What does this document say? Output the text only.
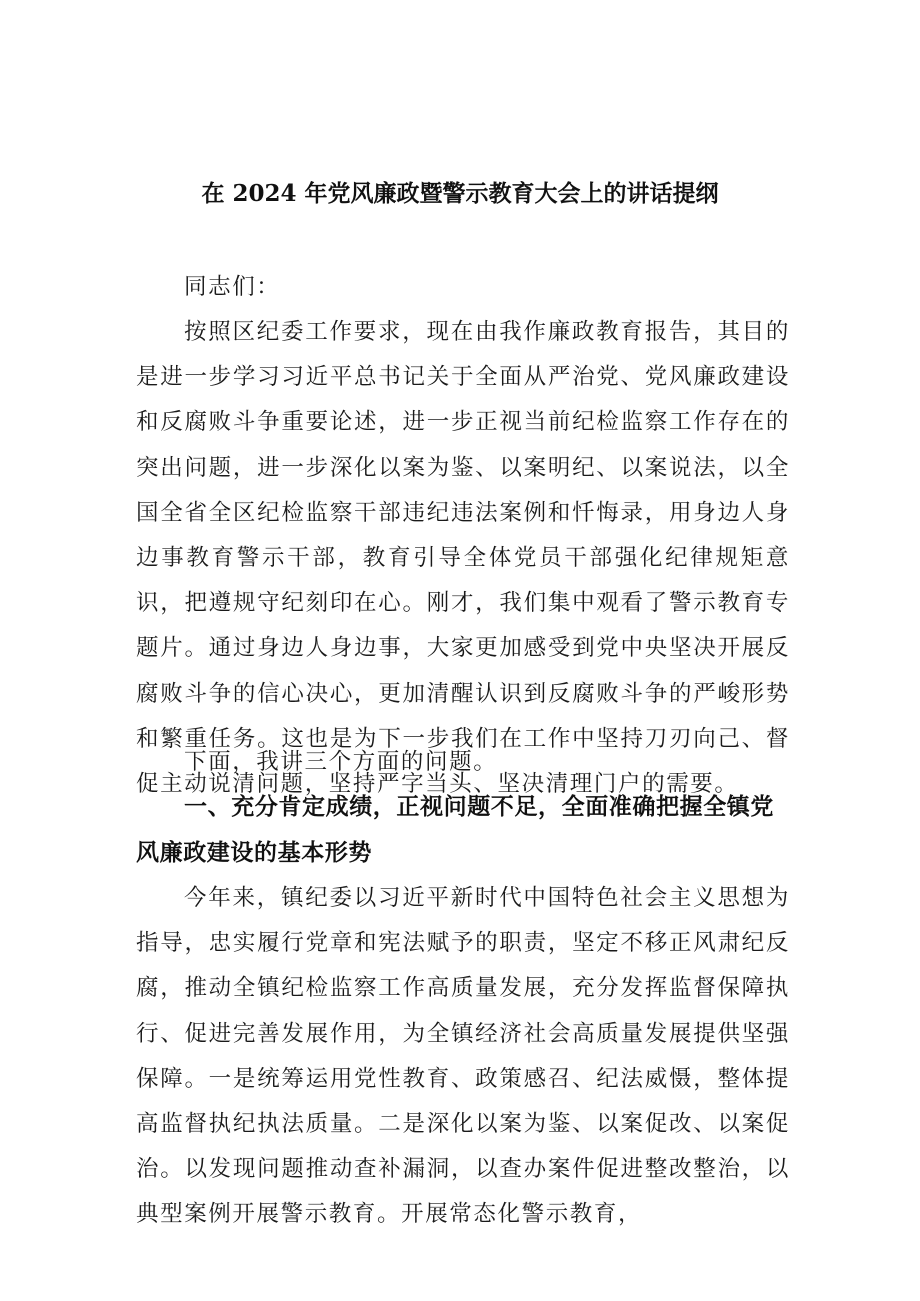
在 2024 年党风廉政暨警示教育大会上的讲话提纲

同志们：

按照区纪委工作要求，现在由我作廉政教育报告，其目的是进一步学习习近平总书记关于全面从严治党、党风廉政建设和反腐败斗争重要论述，进一步正视当前纪检监察工作存在的突出问题，进一步深化以案为鉴、以案明纪、以案说法，以全国全省全区纪检监察干部违纪违法案例和忏悔录，用身边人身边事教育警示干部，教育引导全体党员干部强化纪律规矩意识，把遵规守纪刻印在心。刚才，我们集中观看了警示教育专题片。通过身边人身边事，大家更加感受到党中央坚决开展反腐败斗争的信心决心，更加清醒认识到反腐败斗争的严峻形势和繁重任务。这也是为下一步我们在工作中坚持刀刃向己、督促主动说清问题，坚持严字当头、坚决清理门户的需要。

下面，我讲三个方面的问题。

一、充分肯定成绩，正视问题不足，全面准确把握全镇党风廉政建设的基本形势

今年来，镇纪委以习近平新时代中国特色社会主义思想为指导，忠实履行党章和宪法赋予的职责，坚定不移正风肃纪反腐，推动全镇纪检监察工作高质量发展，充分发挥监督保障执行、促进完善发展作用，为全镇经济社会高质量发展提供坚强保障。一是统筹运用党性教育、政策感召、纪法威慑，整体提高监督执纪执法质量。二是深化以案为鉴、以案促改、以案促治。以发现问题推动查补漏洞，以查办案件促进整改整治，以典型案例开展警示教育。开展常态化警示教育，
